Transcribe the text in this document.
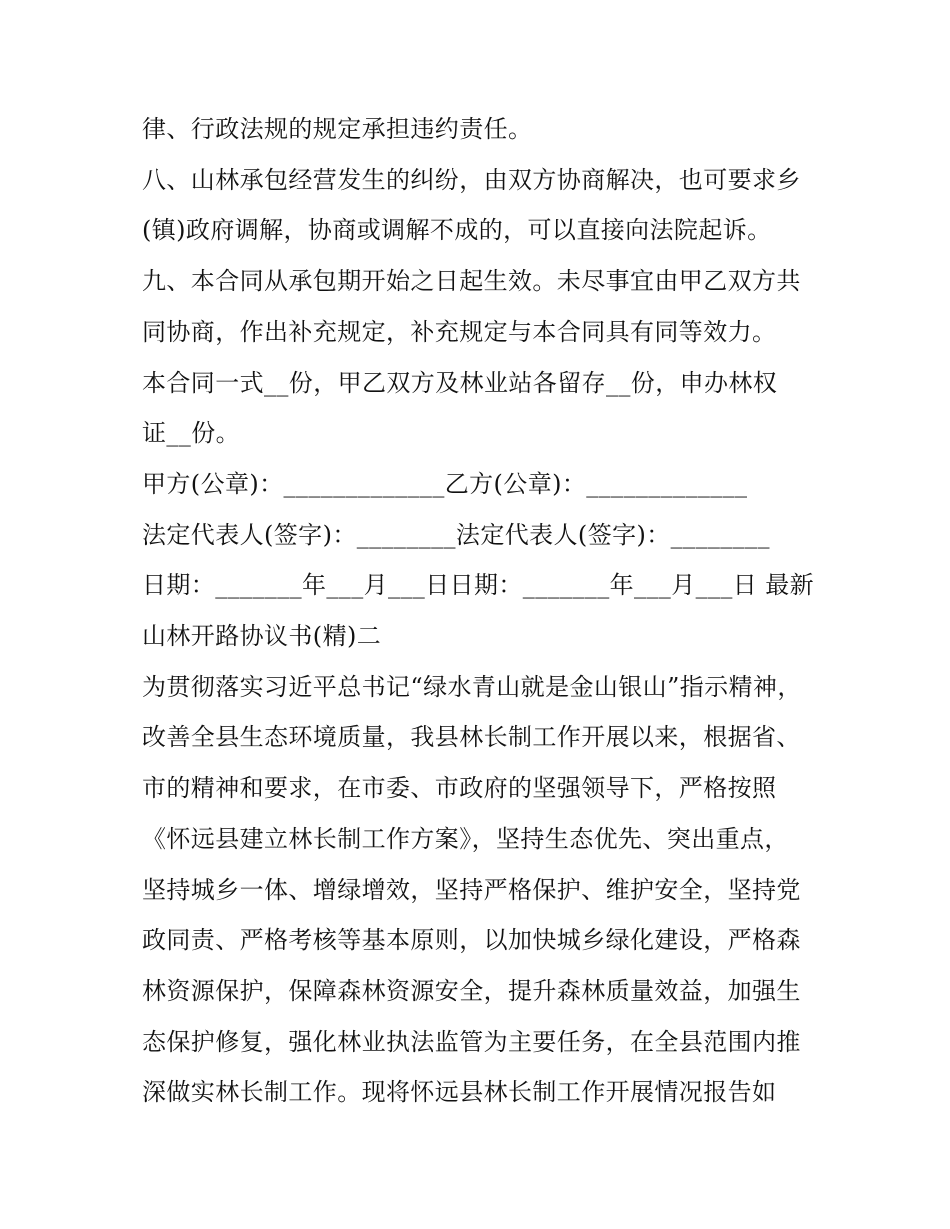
律、行政法规的规定承担违约责任。

八、山林承包经营发生的纠纷，由双方协商解决，也可要求乡

(镇)政府调解，协商或调解不成的，可以直接向法院起诉。

九、本合同从承包期开始之日起生效。未尽事宜由甲乙双方共

同协商，作出补充规定，补充规定与本合同具有同等效力。

本合同一式__份，甲乙双方及林业站各留存__份，申办林权

证__份。

甲方(公章)：_____________乙方(公章)：_____________

法定代表人(签字)：________法定代表人(签字)：________

日期：_______年___月___日日期：_______年___月___日 最新

山林开路协议书(精)二

为贯彻落实习近平总书记“绿水青山就是金山银山”指示精神，

改善全县生态环境质量，我县林长制工作开展以来，根据省、

市的精神和要求，在市委、市政府的坚强领导下，严格按照

《怀远县建立林长制工作方案》，坚持生态优先、突出重点，

坚持城乡一体、增绿增效，坚持严格保护、维护安全，坚持党

政同责、严格考核等基本原则，以加快城乡绿化建设，严格森

林资源保护，保障森林资源安全，提升森林质量效益，加强生

态保护修复，强化林业执法监管为主要任务，在全县范围内推

深做实林长制工作。现将怀远县林长制工作开展情况报告如
